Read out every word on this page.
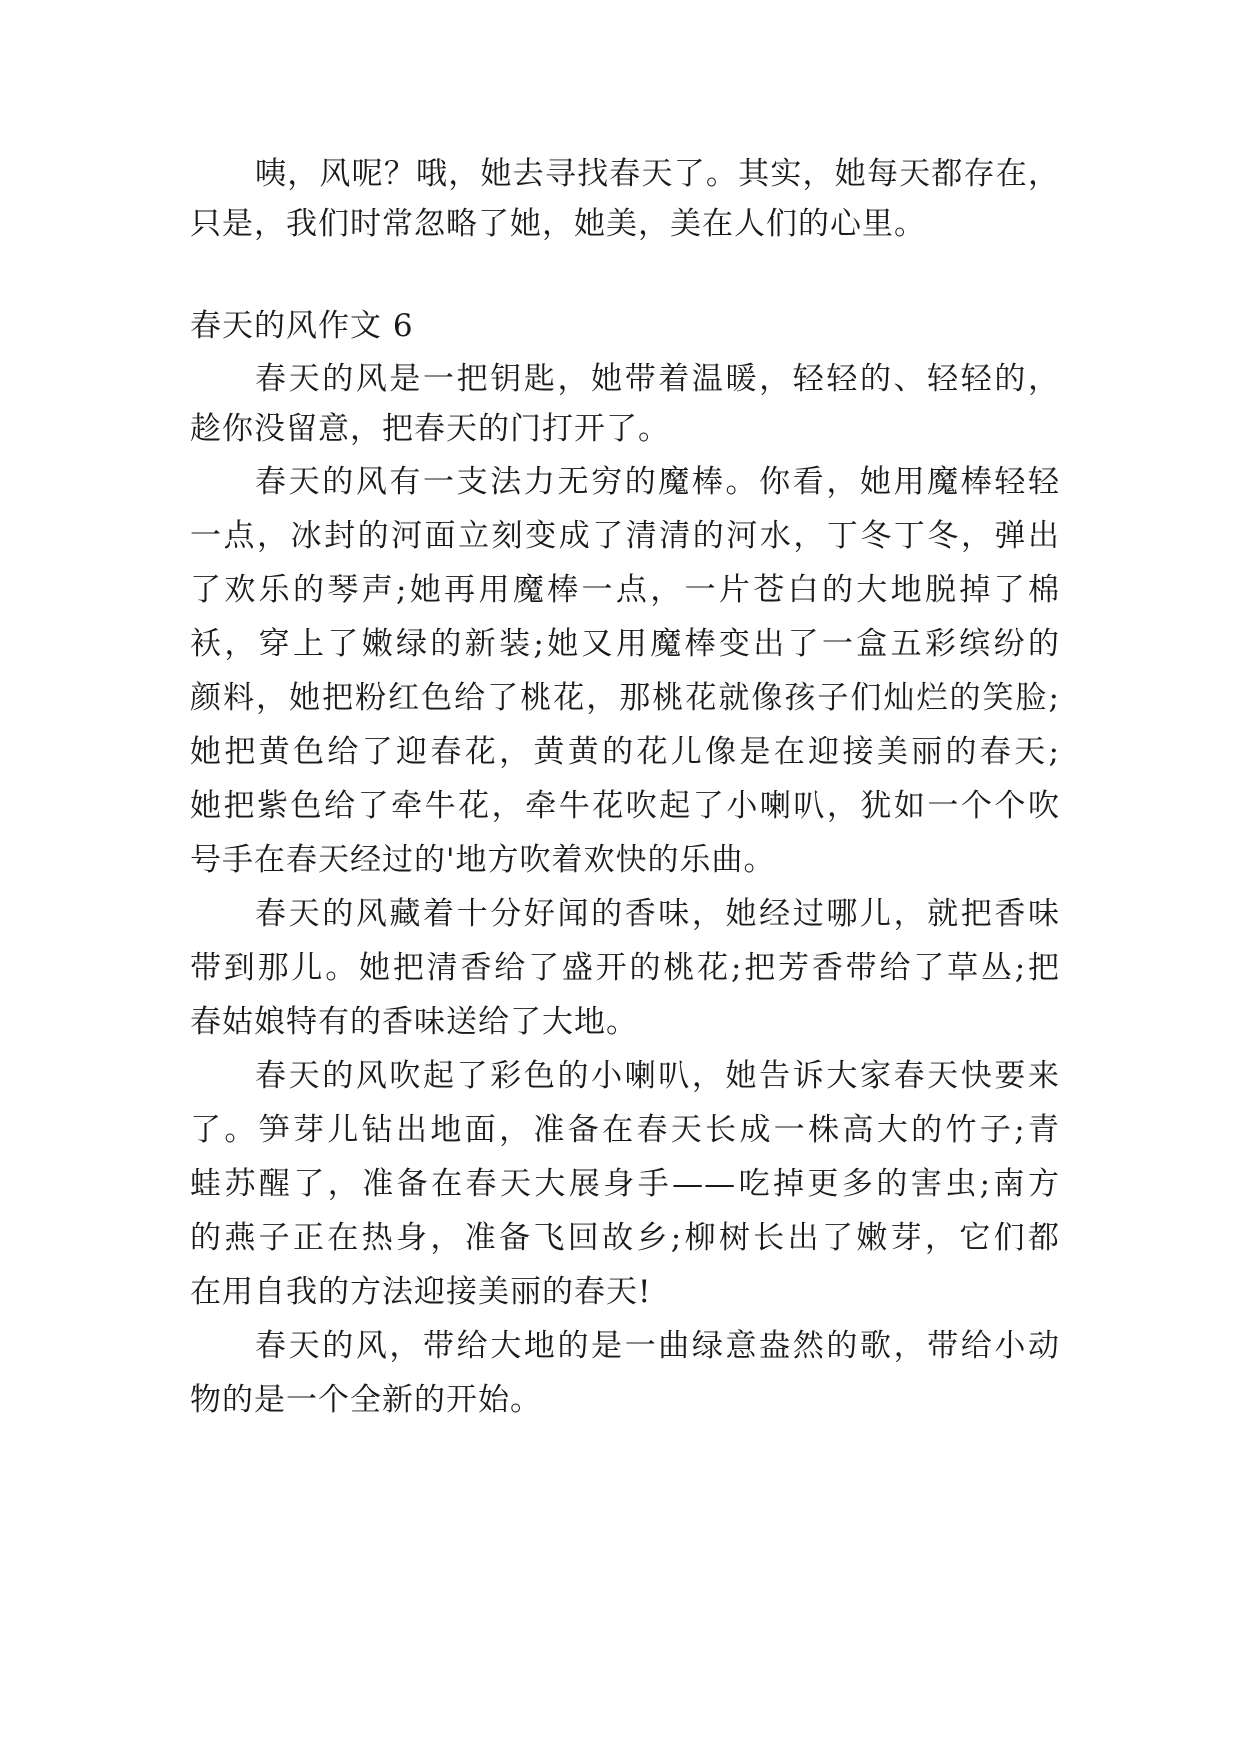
咦，风呢？哦，她去寻找春天了。其实，她每天都存在，
只是，我们时常忽略了她，她美，美在人们的心里。
春天的风作文 6
春天的风是一把钥匙，她带着温暖，轻轻的、轻轻的，
趁你没留意，把春天的门打开了。
春天的风有一支法力无穷的魔棒。你看，她用魔棒轻轻
一点，冰封的河面立刻变成了清清的河水，丁冬丁冬，弹出
了欢乐的琴声;她再用魔棒一点，一片苍白的大地脱掉了棉
袄，穿上了嫩绿的新装;她又用魔棒变出了一盒五彩缤纷的
颜料，她把粉红色给了桃花，那桃花就像孩子们灿烂的笑脸;
她把黄色给了迎春花，黄黄的花儿像是在迎接美丽的春天;
她把紫色给了牵牛花，牵牛花吹起了小喇叭，犹如一个个吹
号手在春天经过的'地方吹着欢快的乐曲。
春天的风藏着十分好闻的香味，她经过哪儿，就把香味
带到那儿。她把清香给了盛开的桃花;把芳香带给了草丛;把
春姑娘特有的香味送给了大地。
春天的风吹起了彩色的小喇叭，她告诉大家春天快要来
了。笋芽儿钻出地面，准备在春天长成一株高大的竹子;青
蛙苏醒了，准备在春天大展身手——吃掉更多的害虫;南方
的燕子正在热身，准备飞回故乡;柳树长出了嫩芽，它们都
在用自我的方法迎接美丽的春天!
春天的风，带给大地的是一曲绿意盎然的歌，带给小动
物的是一个全新的开始。
